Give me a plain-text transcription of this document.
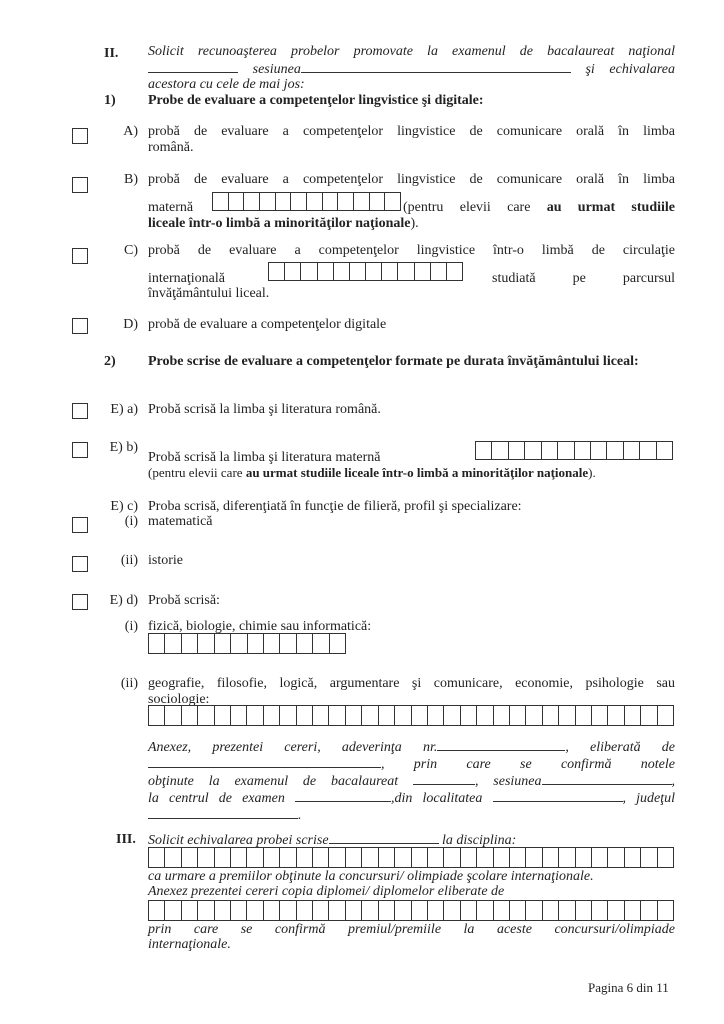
II. Solicit recunoaşterea probelor promovate la examenul de bacalaureat naţional
sesiunea	şi echivalarea
acestora cu cele de mai jos:
1) Probe de evaluare a competenţelor lingvistice şi digitale:
A) probă de evaluare a competenţelor lingvistice de comunicare orală în limba
română.
B) probă de evaluare a competenţelor lingvistice de comunicare orală în limba
maternă	(pentru elevii care au urmat studiile
liceale într-o limbă a minorităţilor naţionale).
C) probă de evaluare a competenţelor lingvistice într-o limbă de circulaţie
internaţională	studiată pe parcursul
învăţământului liceal.
D) probă de evaluare a competenţelor digitale
2) Probe scrise de evaluare a competenţelor formate pe durata învăţământului liceal:
E) a) Probă scrisă la limba şi literatura română.
E) b)
Probă scrisă la limba şi literatura maternă
(pentru elevii care au urmat studiile liceale într-o limbă a minorităţilor naţionale).
E) c) Proba scrisă, diferenţiată în funcţie de filieră, profil şi specializare:
(i) matematică
(ii) istorie
E) d) Probă scrisă:
(i) fizică, biologie, chimie sau informatică:
(ii) geografie, filosofie, logică, argumentare şi comunicare, economie, psihologie sau
sociologie:
Anexez, prezentei cereri, adeverinţa nr.	, eliberată de
, prin care se confirmă notele
obţinute la examenul de bacalaureat	, sesiunea	,
la centrul de examen	,din localitatea	, judeţul
.
III. Solicit echivalarea probei scrise	la disciplina:
ca urmare a premiilor obţinute la concursuri/ olimpiade şcolare internaţionale.
Anexez prezentei cereri copia diplomei/ diplomelor eliberate de
prin care se confirmă premiul/premiile la aceste concursuri/olimpiade
internaţionale.
Pagina 6 din 11
